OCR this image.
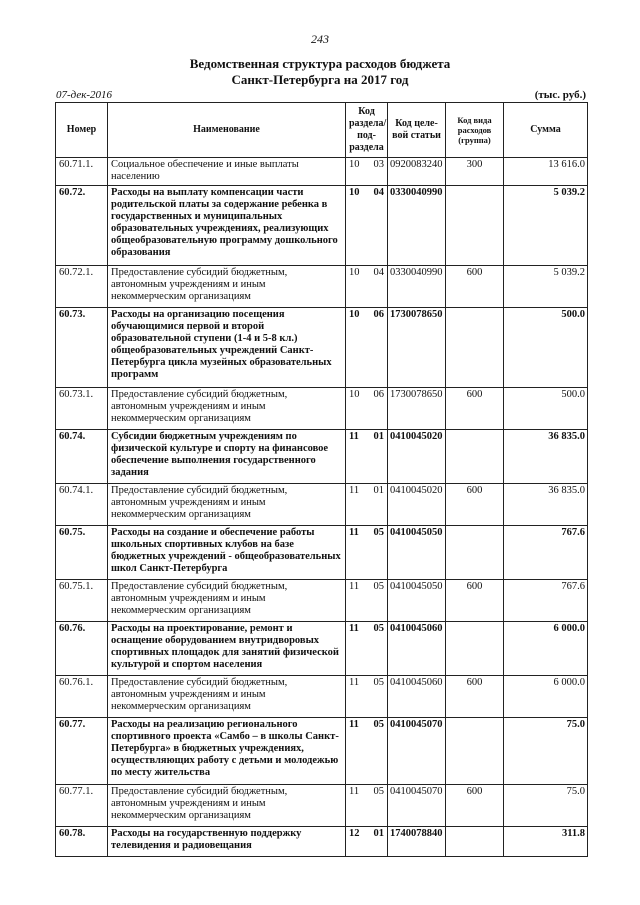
243
Ведомственная структура расходов бюджета
Санкт-Петербурга на 2017 год
07-дек-2016	(тыс. руб.)
Номер	Наименование	Код раздела/ под-раздела		Код целе-вой статьи	Код вида расходов (группа)	Сумма
60.71.1.	Социальное обеспечение и иные выплаты населению	10	03	0920083240	300	13 616.0
60.72.	Расходы на выплату компенсации части родительской платы за содержание ребенка в государственных и муниципальных образовательных учреждениях, реализующих общеобразовательную программу дошкольного образования	10	04	0330040990		5 039.2
60.72.1.	Предоставление субсидий бюджетным, автономным учреждениям и иным некоммерческим организациям	10	04	0330040990	600	5 039.2
60.73.	Расходы на организацию посещения обучающимися первой и второй образовательной ступени (1-4 и 5-8 кл.) общеобразовательных учреждений Санкт-Петербурга цикла музейных образовательных программ	10	06	1730078650		500.0
60.73.1.	Предоставление субсидий бюджетным, автономным учреждениям и иным некоммерческим организациям	10	06	1730078650	600	500.0
60.74.	Субсидии бюджетным учреждениям по физической культуре и спорту на финансовое обеспечение выполнения государственного задания	11	01	0410045020		36 835.0
60.74.1.	Предоставление субсидий бюджетным, автономным учреждениям и иным некоммерческим организациям	11	01	0410045020	600	36 835.0
60.75.	Расходы на создание и обеспечение работы школьных спортивных клубов на базе бюджетных учреждений - общеобразовательных школ Санкт-Петербурга	11	05	0410045050		767.6
60.75.1.	Предоставление субсидий бюджетным, автономным учреждениям и иным некоммерческим организациям	11	05	0410045050	600	767.6
60.76.	Расходы на проектирование, ремонт и оснащение оборудованием внутридворовых спортивных площадок для занятий физической культурой и спортом населения	11	05	0410045060		6 000.0
60.76.1.	Предоставление субсидий бюджетным, автономным учреждениям и иным некоммерческим организациям	11	05	0410045060	600	6 000.0
60.77.	Расходы на реализацию регионального спортивного проекта «Самбо – в школы Санкт-Петербурга» в бюджетных учреждениях, осуществляющих работу с детьми и молодежью по месту жительства	11	05	0410045070		75.0
60.77.1.	Предоставление субсидий бюджетным, автономным учреждениям и иным некоммерческим организациям	11	05	0410045070	600	75.0
60.78.	Расходы на государственную поддержку телевидения и радиовещания	12	01	1740078840		311.8
